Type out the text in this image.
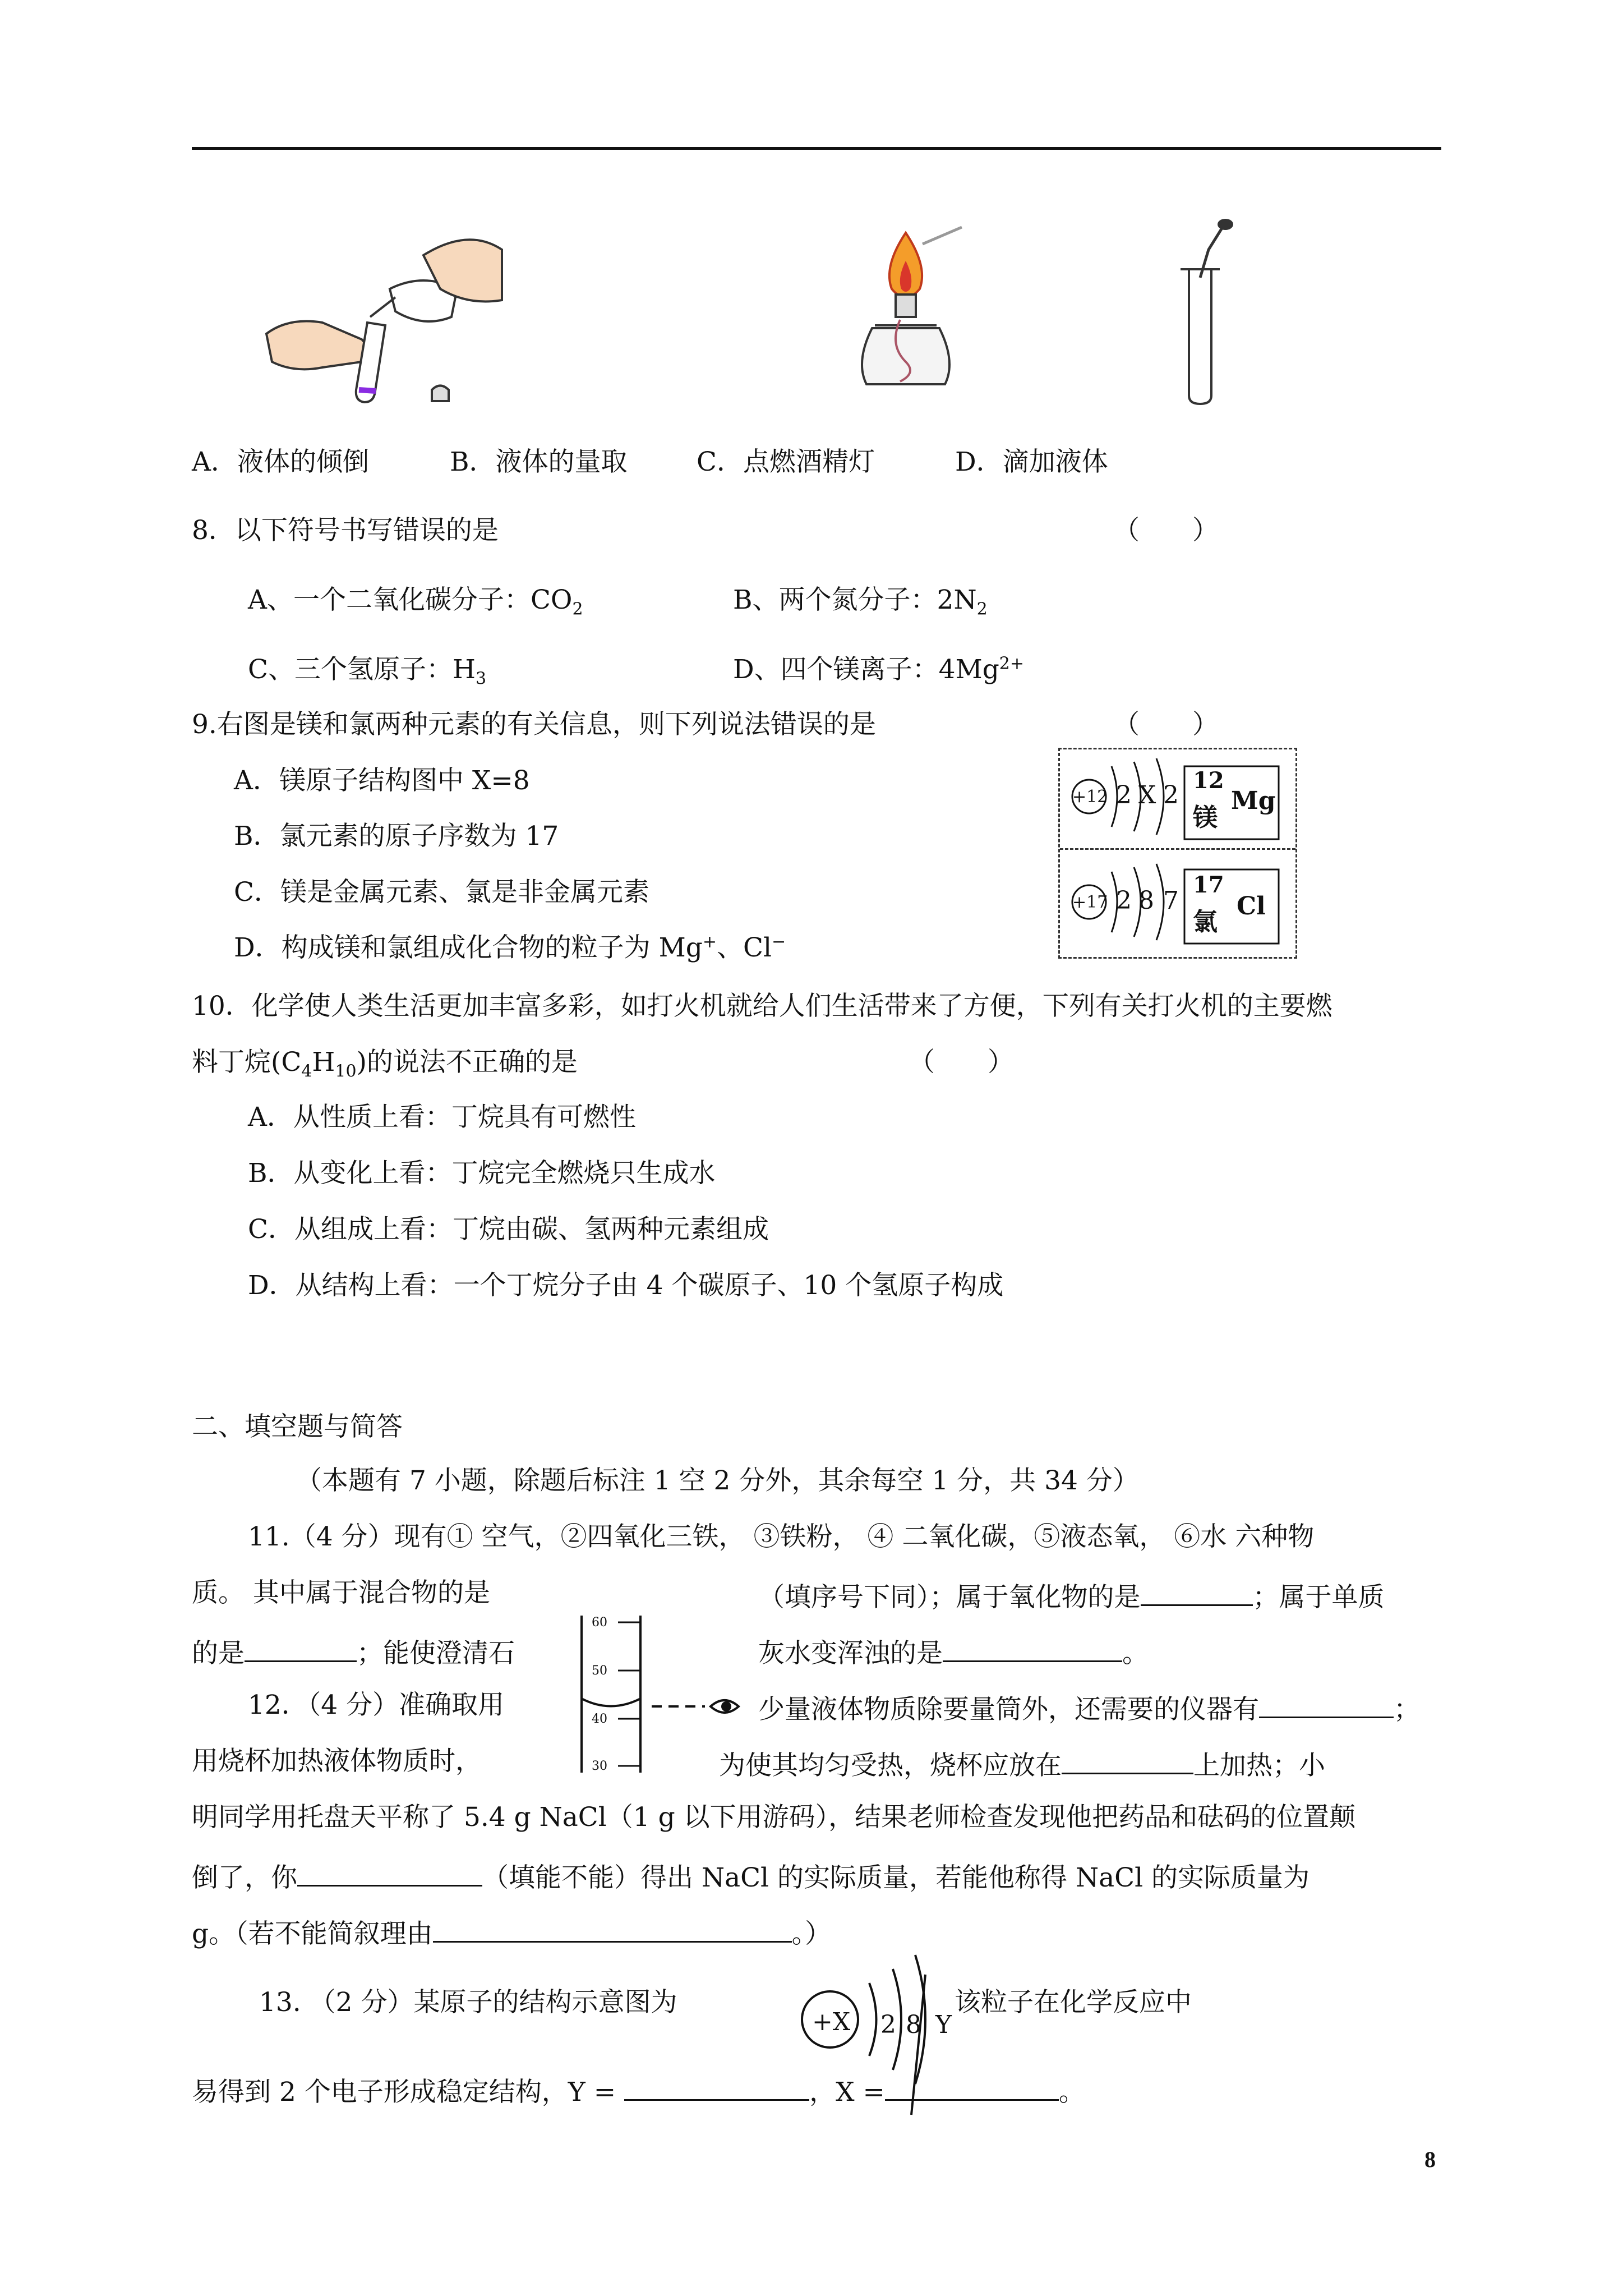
A．液体的倾倒	B．液体的量取	C．点燃酒精灯	D．滴加液体
8．以下符号书写错误的是	（　　）
A、一个二氧化碳分子：$CO_2$	B、两个氮分子：$2N_2$
C、三个氢原子：$H_3$	D、四个镁离子：$4Mg^{2+}$
9.右图是镁和氯两种元素的有关信息，则下列说法错误的是	（　　）
A．镁原子结构图中 X=8
B．氯元素的原子序数为 17
C．镁是金属元素、氯是非金属元素
D．构成镁和氯组成化合物的粒子为 Mg+、Cl−
+12 2 X 2
12
镁
Mg
+17 2 8 7
17
氯
Cl
10．化学使人类生活更加丰富多彩，如打火机就给人们生活带来了方便，下列有关打火机的主要燃
料丁烷$(C_4H_{10})$的说法不正确的是	（　　）
A．从性质上看：丁烷具有可燃性
B．从变化上看：丁烷完全燃烧只生成水
C．从组成上看：丁烷由碳、氢两种元素组成
D．从结构上看：一个丁烷分子由 4 个碳原子、10 个氢原子构成
二、填空题与简答
（本题有 7 小题，除题后标注 1 空 2 分外，其余每空 1 分，共 34 分）
11.（4 分）现有① 空气，②四氧化三铁， ③铁粉， ④ 二氧化碳，⑤液态氧， ⑥水 六种物
质。 其中属于混合物的是	（填序号下同）；属于氧化物的是	；属于单质
的是	；能使澄清石	灰水变浑浊的是	。
60
50
40
30
12．（4 分）准确取用	少量液体物质除要量筒外，还需要的仪器有	；
用烧杯加热液体物质时，	为使其均匀受热，烧杯应放在	上加热；小
明同学用托盘天平称了 5.4 g NaCl（1 g 以下用游码），结果老师检查发现他把药品和砝码的位置颠
倒了，你	（填能不能）得出 NaCl 的实际质量，若能他称得 NaCl 的实际质量为
g。（若不能简叙理由	。）
13. （2 分）某原子的结构示意图为	该粒子在化学反应中
+X 2 8 Y
易得到 2 个电子形成稳定结构，Y =	，X =	。
8
